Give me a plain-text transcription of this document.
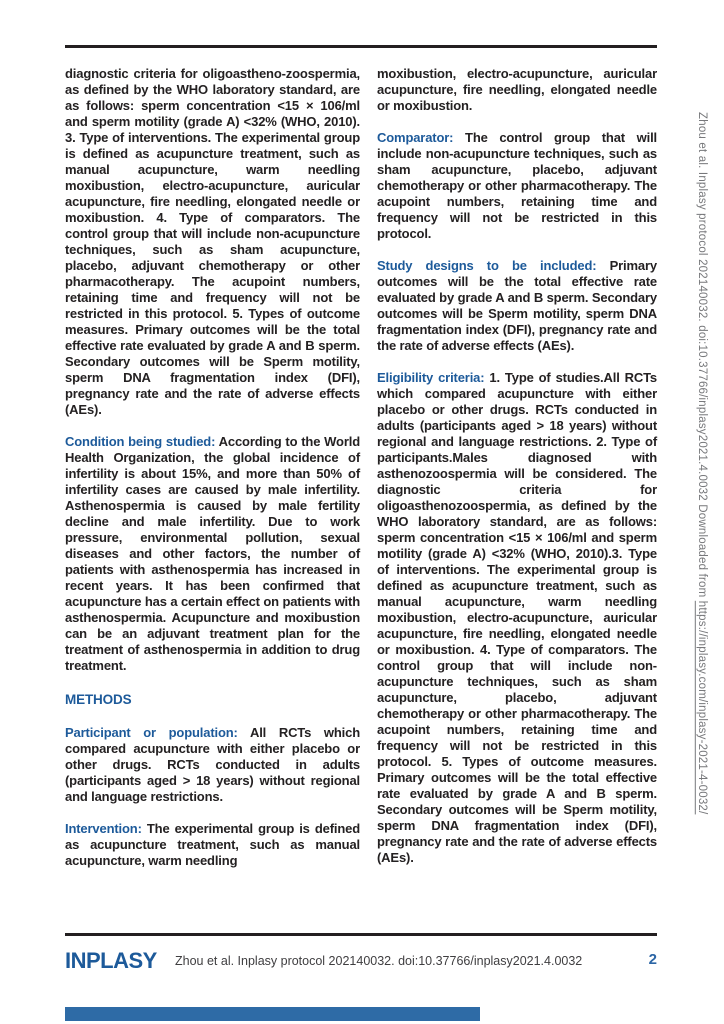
diagnostic criteria for oligoastheno-zoospermia, as defined by the WHO laboratory standard, are as follows: sperm concentration <15 × 106/ml and sperm motility (grade A) <32% (WHO, 2010). 3. Type of interventions. The experimental group is defined as acupuncture treatment, such as manual acupuncture, warm needling moxibustion, electro-acupuncture, auricular acupuncture, fire needling, elongated needle or moxibustion. 4. Type of comparators. The control group that will include non-acupuncture techniques, such as sham acupuncture, placebo, adjuvant chemotherapy or other pharmacotherapy. The acupoint numbers, retaining time and frequency will not be restricted in this protocol. 5. Types of outcome measures. Primary outcomes will be the total effective rate evaluated by grade A and B sperm. Secondary outcomes will be Sperm motility, sperm DNA fragmentation index (DFI), pregnancy rate and the rate of adverse effects (AEs).

Condition being studied: According to the World Health Organization, the global incidence of infertility is about 15%, and more than 50% of infertility cases are caused by male infertility. Asthenospermia is caused by male fertility decline and male infertility. Due to work pressure, environmental pollution, sexual diseases and other factors, the number of patients with asthenospermia has increased in recent years. It has been confirmed that acupuncture has a certain effect on patients with asthenospermia. Acupuncture and moxibustion can be an adjuvant treatment plan for the treatment of asthenospermia in addition to drug treatment.

METHODS

Participant or population: All RCTs which compared acupuncture with either placebo or other drugs. RCTs conducted in adults (participants aged > 18 years) without regional and language restrictions.

Intervention: The experimental group is defined as acupuncture treatment, such as manual acupuncture, warm needling

moxibustion, electro-acupuncture, auricular acupuncture, fire needling, elongated needle or moxibustion.

Comparator: The control group that will include non-acupuncture techniques, such as sham acupuncture, placebo, adjuvant chemotherapy or other pharmacotherapy. The acupoint numbers, retaining time and frequency will not be restricted in this protocol.

Study designs to be included: Primary outcomes will be the total effective rate evaluated by grade A and B sperm. Secondary outcomes will be Sperm motility, sperm DNA fragmentation index (DFI), pregnancy rate and the rate of adverse effects (AEs).

Eligibility criteria: 1. Type of studies.All RCTs which compared acupuncture with either placebo or other drugs. RCTs conducted in adults (participants aged > 18 years) without regional and language restrictions. 2. Type of participants.Males diagnosed with asthenozoospermia will be considered. The diagnostic criteria for oligoasthenozoospermia, as defined by the WHO laboratory standard, are as follows: sperm concentration <15 × 106/ml and sperm motility (grade A) <32% (WHO, 2010).3. Type of interventions. The experimental group is defined as acupuncture treatment, such as manual acupuncture, warm needling moxibustion, electro-acupuncture, auricular acupuncture, fire needling, elongated needle or moxibustion. 4. Type of comparators. The control group that will include non-acupuncture techniques, such as sham acupuncture, placebo, adjuvant chemotherapy or other pharmacotherapy. The acupoint numbers, retaining time and frequency will not be restricted in this protocol. 5. Types of outcome measures. Primary outcomes will be the total effective rate evaluated by grade A and B sperm. Secondary outcomes will be Sperm motility, sperm DNA fragmentation index (DFI), pregnancy rate and the rate of adverse effects (AEs).

Zhou et al. Inplasy protocol 202140032. doi:10.37766/inplasy2021.4.0032 Downloaded from https://inplasy.com/inplasy-2021-4-0032/
INPLASY Zhou et al. Inplasy protocol 202140032. doi:10.37766/inplasy2021.4.0032	2
